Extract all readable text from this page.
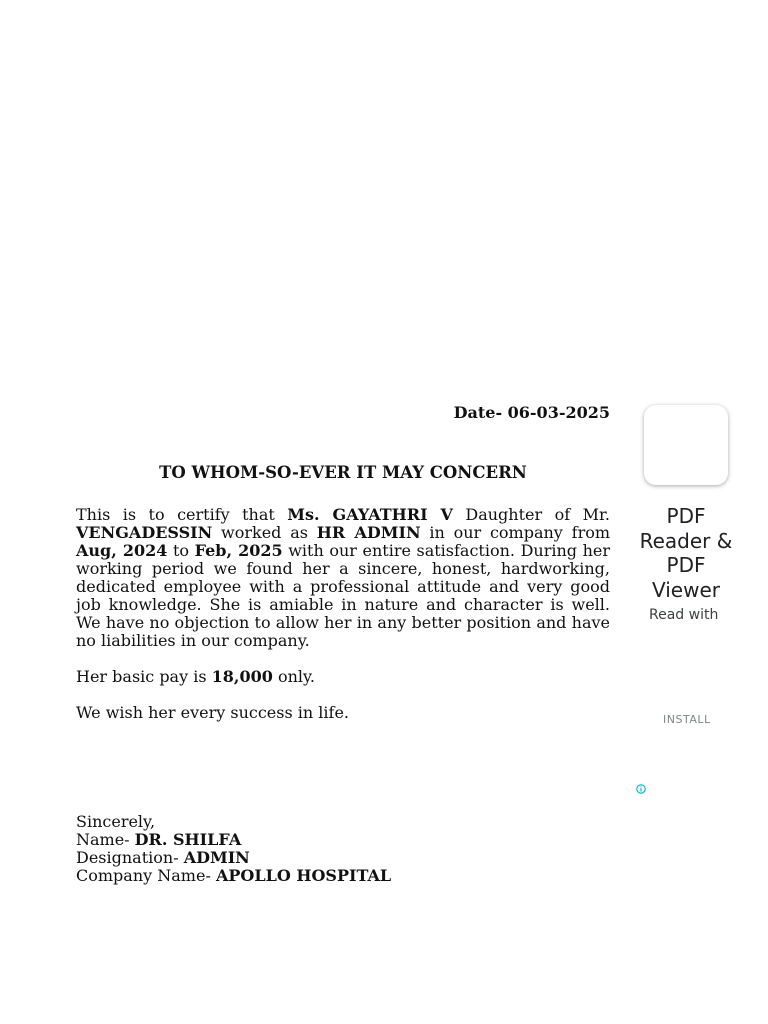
Date- 06-03-2025
TO WHOM-SO-EVER IT MAY CONCERN

This is to certify that Ms. GAYATHRI V Daughter of Mr. VENGADESSIN worked as HR ADMIN in our company from Aug, 2024 to Feb, 2025 with our entire satisfaction. During her working period we found her a sincere, honest, hardworking, dedicated employee with a professional attitude and very good job knowledge. She is amiable in nature and character is well. We have no objection to allow her in any better position and have no liabilities in our company.

Her basic pay is 18,000 only.

We wish her every success in life.

Sincerely,
Name- DR. SHILFA
Designation- ADMIN
Company Name- APOLLO HOSPITAL
PDF Reader & PDF Viewer
Read with
INSTALL
